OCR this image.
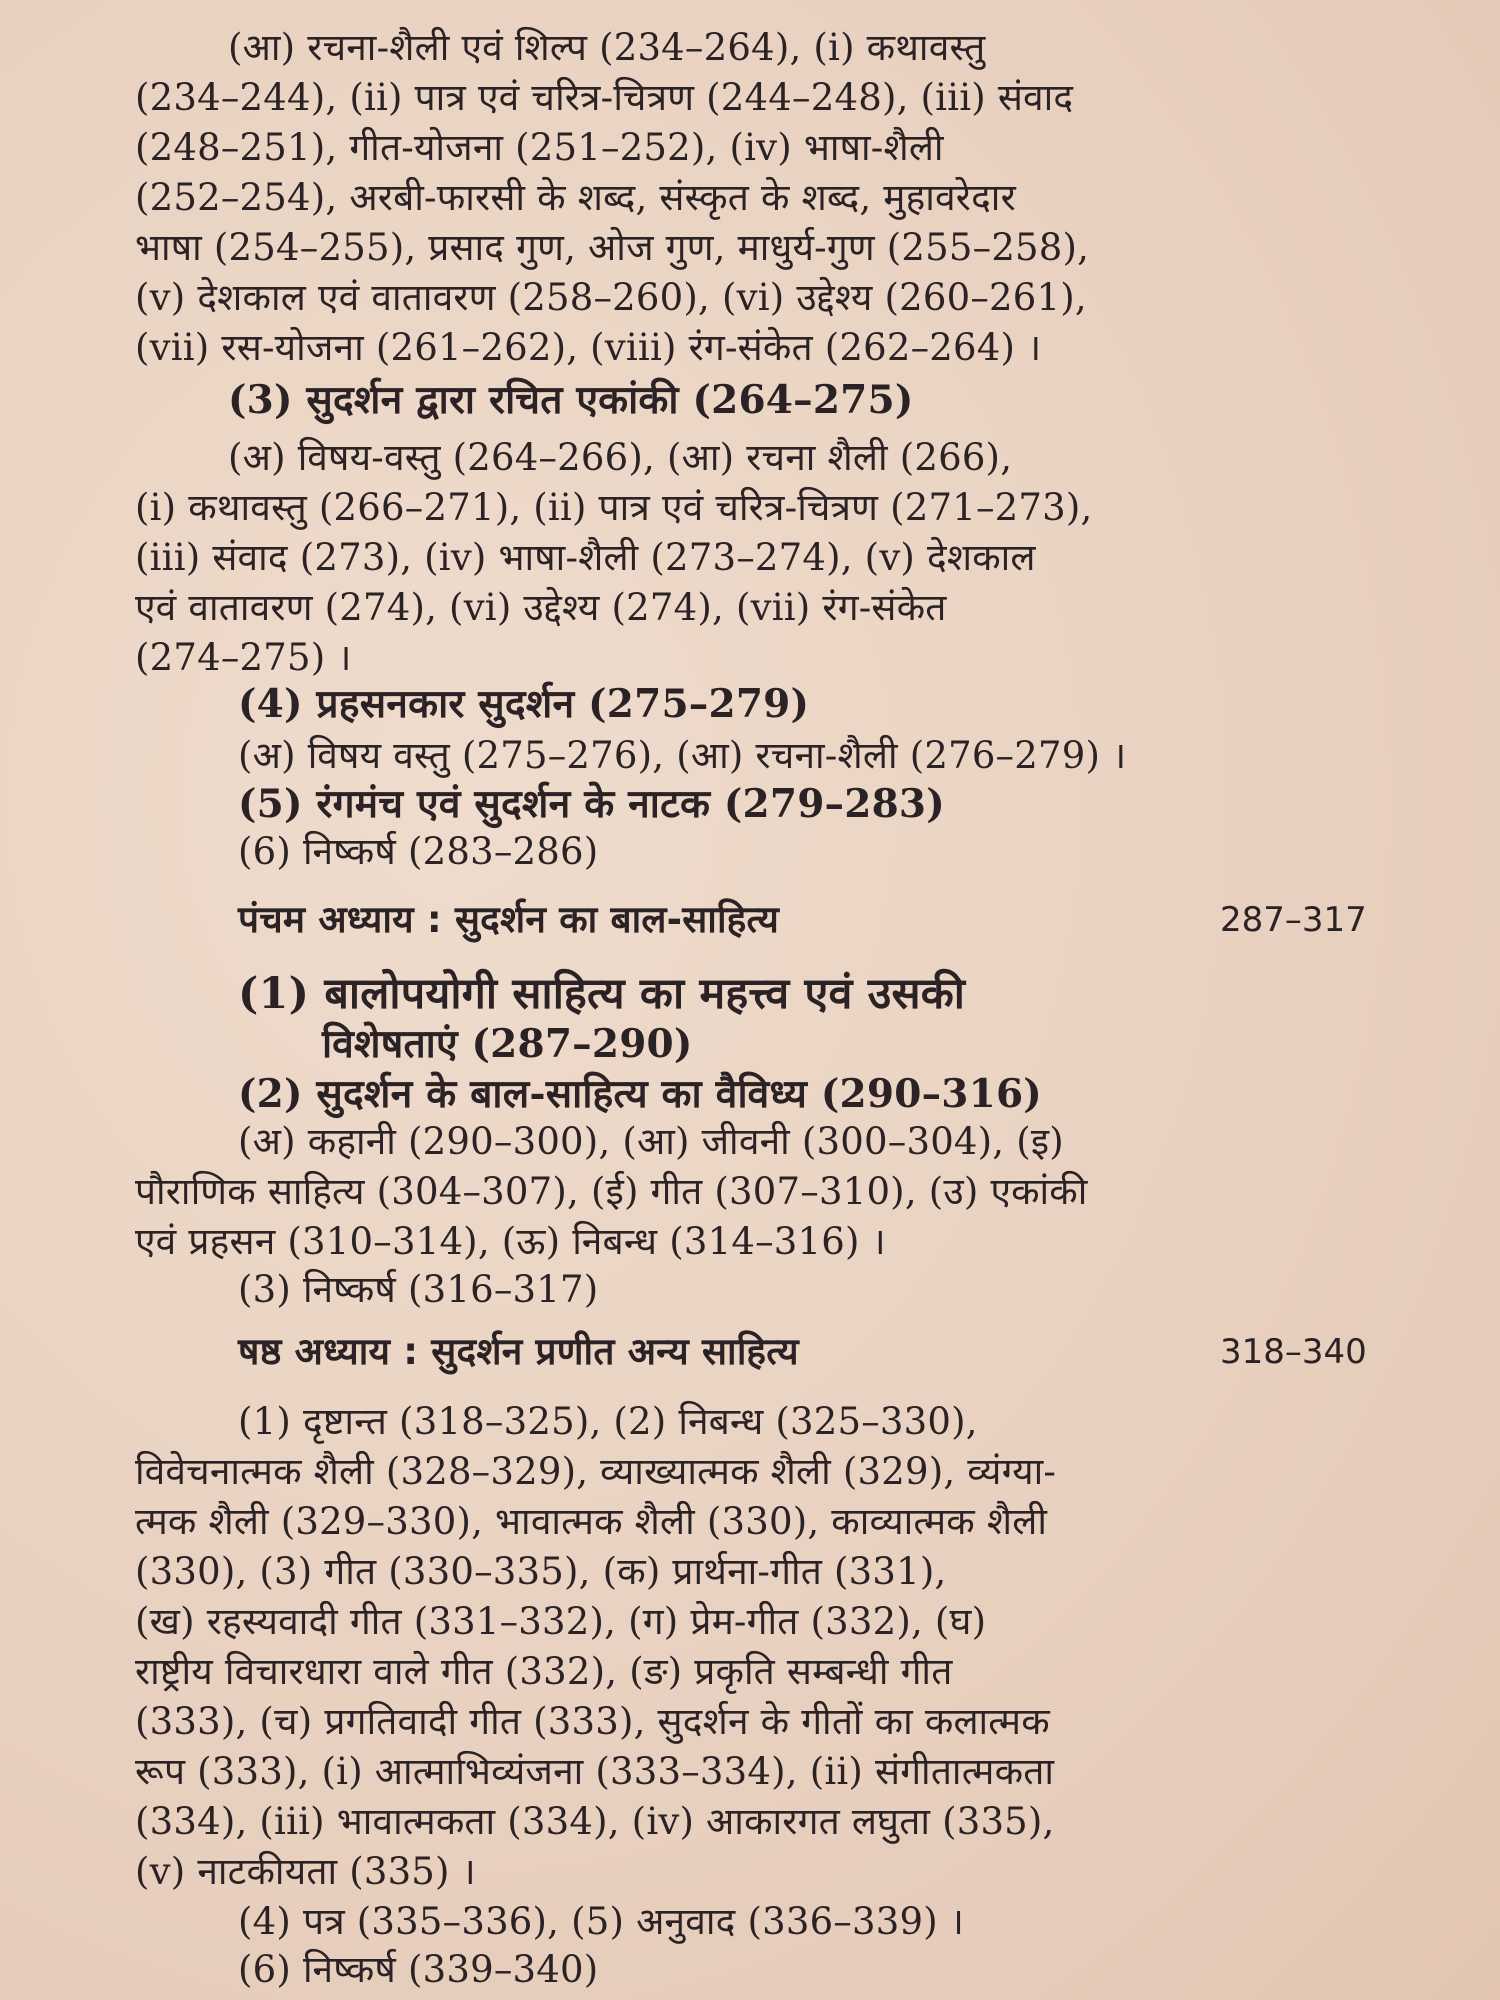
(आ) रचना-शैली एवं शिल्प (234–264), (i) कथावस्तु
(234–244), (ii) पात्र एवं चरित्र-चित्रण (244–248), (iii) संवाद
(248–251), गीत-योजना (251–252), (iv) भाषा-शैली
(252–254), अरबी-फारसी के शब्द, संस्कृत के शब्द, मुहावरेदार
भाषा (254–255), प्रसाद गुण, ओज गुण, माधुर्य-गुण (255–258),
(v) देशकाल एवं वातावरण (258–260), (vi) उद्देश्य (260–261),
(vii) रस-योजना (261–262), (viii) रंग-संकेत (262–264) ।
(3) सुदर्शन द्वारा रचित एकांकी (264–275)
(अ) विषय-वस्तु (264–266), (आ) रचना शैली (266),
(i) कथावस्तु (266–271), (ii) पात्र एवं चरित्र-चित्रण (271–273),
(iii) संवाद (273), (iv) भाषा-शैली (273–274), (v) देशकाल
एवं वातावरण (274), (vi) उद्देश्य (274), (vii) रंग-संकेत
(274–275) ।
(4) प्रहसनकार सुदर्शन (275–279)
(अ) विषय वस्तु (275–276), (आ) रचना-शैली (276–279) ।
(5) रंगमंच एवं सुदर्शन के नाटक (279–283)
(6) निष्कर्ष (283–286)
पंचम अध्याय : सुदर्शन का बाल-साहित्य	287–317
(1) बालोपयोगी साहित्य का महत्त्व एवं उसकी
विशेषताएं (287–290)
(2) सुदर्शन के बाल-साहित्य का वैविध्य (290–316)
(अ) कहानी (290–300), (आ) जीवनी (300–304), (इ)
पौराणिक साहित्य (304–307), (ई) गीत (307–310), (उ) एकांकी
एवं प्रहसन (310–314), (ऊ) निबन्ध (314–316) ।
(3) निष्कर्ष (316–317)
षष्ठ अध्याय : सुदर्शन प्रणीत अन्य साहित्य	318–340
(1) दृष्टान्त (318–325), (2) निबन्ध (325–330),
विवेचनात्मक शैली (328–329), व्याख्यात्मक शैली (329), व्यंग्या-
त्मक शैली (329–330), भावात्मक शैली (330), काव्यात्मक शैली
(330), (3) गीत (330–335), (क) प्रार्थना-गीत (331),
(ख) रहस्यवादी गीत (331–332), (ग) प्रेम-गीत (332), (घ)
राष्ट्रीय विचारधारा वाले गीत (332), (ङ) प्रकृति सम्बन्धी गीत
(333), (च) प्रगतिवादी गीत (333), सुदर्शन के गीतों का कलात्मक
रूप (333), (i) आत्माभिव्यंजना (333–334), (ii) संगीतात्मकता
(334), (iii) भावात्मकता (334), (iv) आकारगत लघुता (335),
(v) नाटकीयता (335) ।
(4) पत्र (335–336), (5) अनुवाद (336–339) ।
(6) निष्कर्ष (339–340)
